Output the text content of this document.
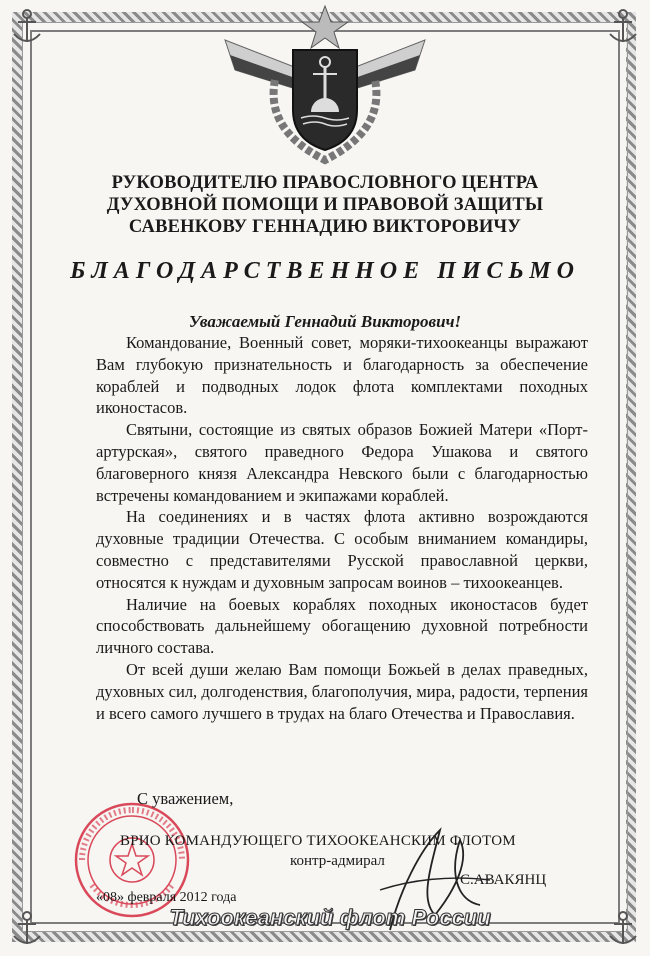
РУКОВОДИТЕЛЮ ПРАВОСЛОВНОГО ЦЕНТРА
ДУХОВНОЙ ПОМОЩИ И ПРАВОВОЙ ЗАЩИТЫ
САВЕНКОВУ ГЕННАДИЮ ВИКТОРОВИЧУ
БЛАГОДАРСТВЕННОЕ ПИСЬМО
Уважаемый Геннадий Викторович!

Командование, Военный совет, моряки-тихоокеанцы выражают Вам глубокую признательность и благодарность за обеспечение кораблей и подводных лодок флота комплектами походных иконостасов.

Святыни, состоящие из святых образов Божией Матери «Порт-артурская», святого праведного Федора Ушакова и святого благоверного князя Александра Невского были с благодарностью встречены командованием и экипажами кораблей.

На соединениях и в частях флота активно возрождаются духовные традиции Отечества. С особым вниманием командиры, совместно с представителями Русской православной церкви, относятся к нуждам и духовным запросам воинов – тихоокеанцев.

Наличие на боевых кораблях походных иконостасов будет способствовать дальнейшему обогащению духовной потребности личного состава.

От всей души желаю Вам помощи Божьей в делах праведных, духовных сил, долгоденствия, благополучия, мира, радости, терпения и всего самого лучшего в трудах на благо Отечества и Православия.

С уважением,
ВРИО КОМАНДУЮЩЕГО ТИХООКЕАНСКИМ ФЛОТОМ
контр-адмирал
С.АВАКЯНЦ
«08» февраля 2012 года
Тихоокеанский флот России
